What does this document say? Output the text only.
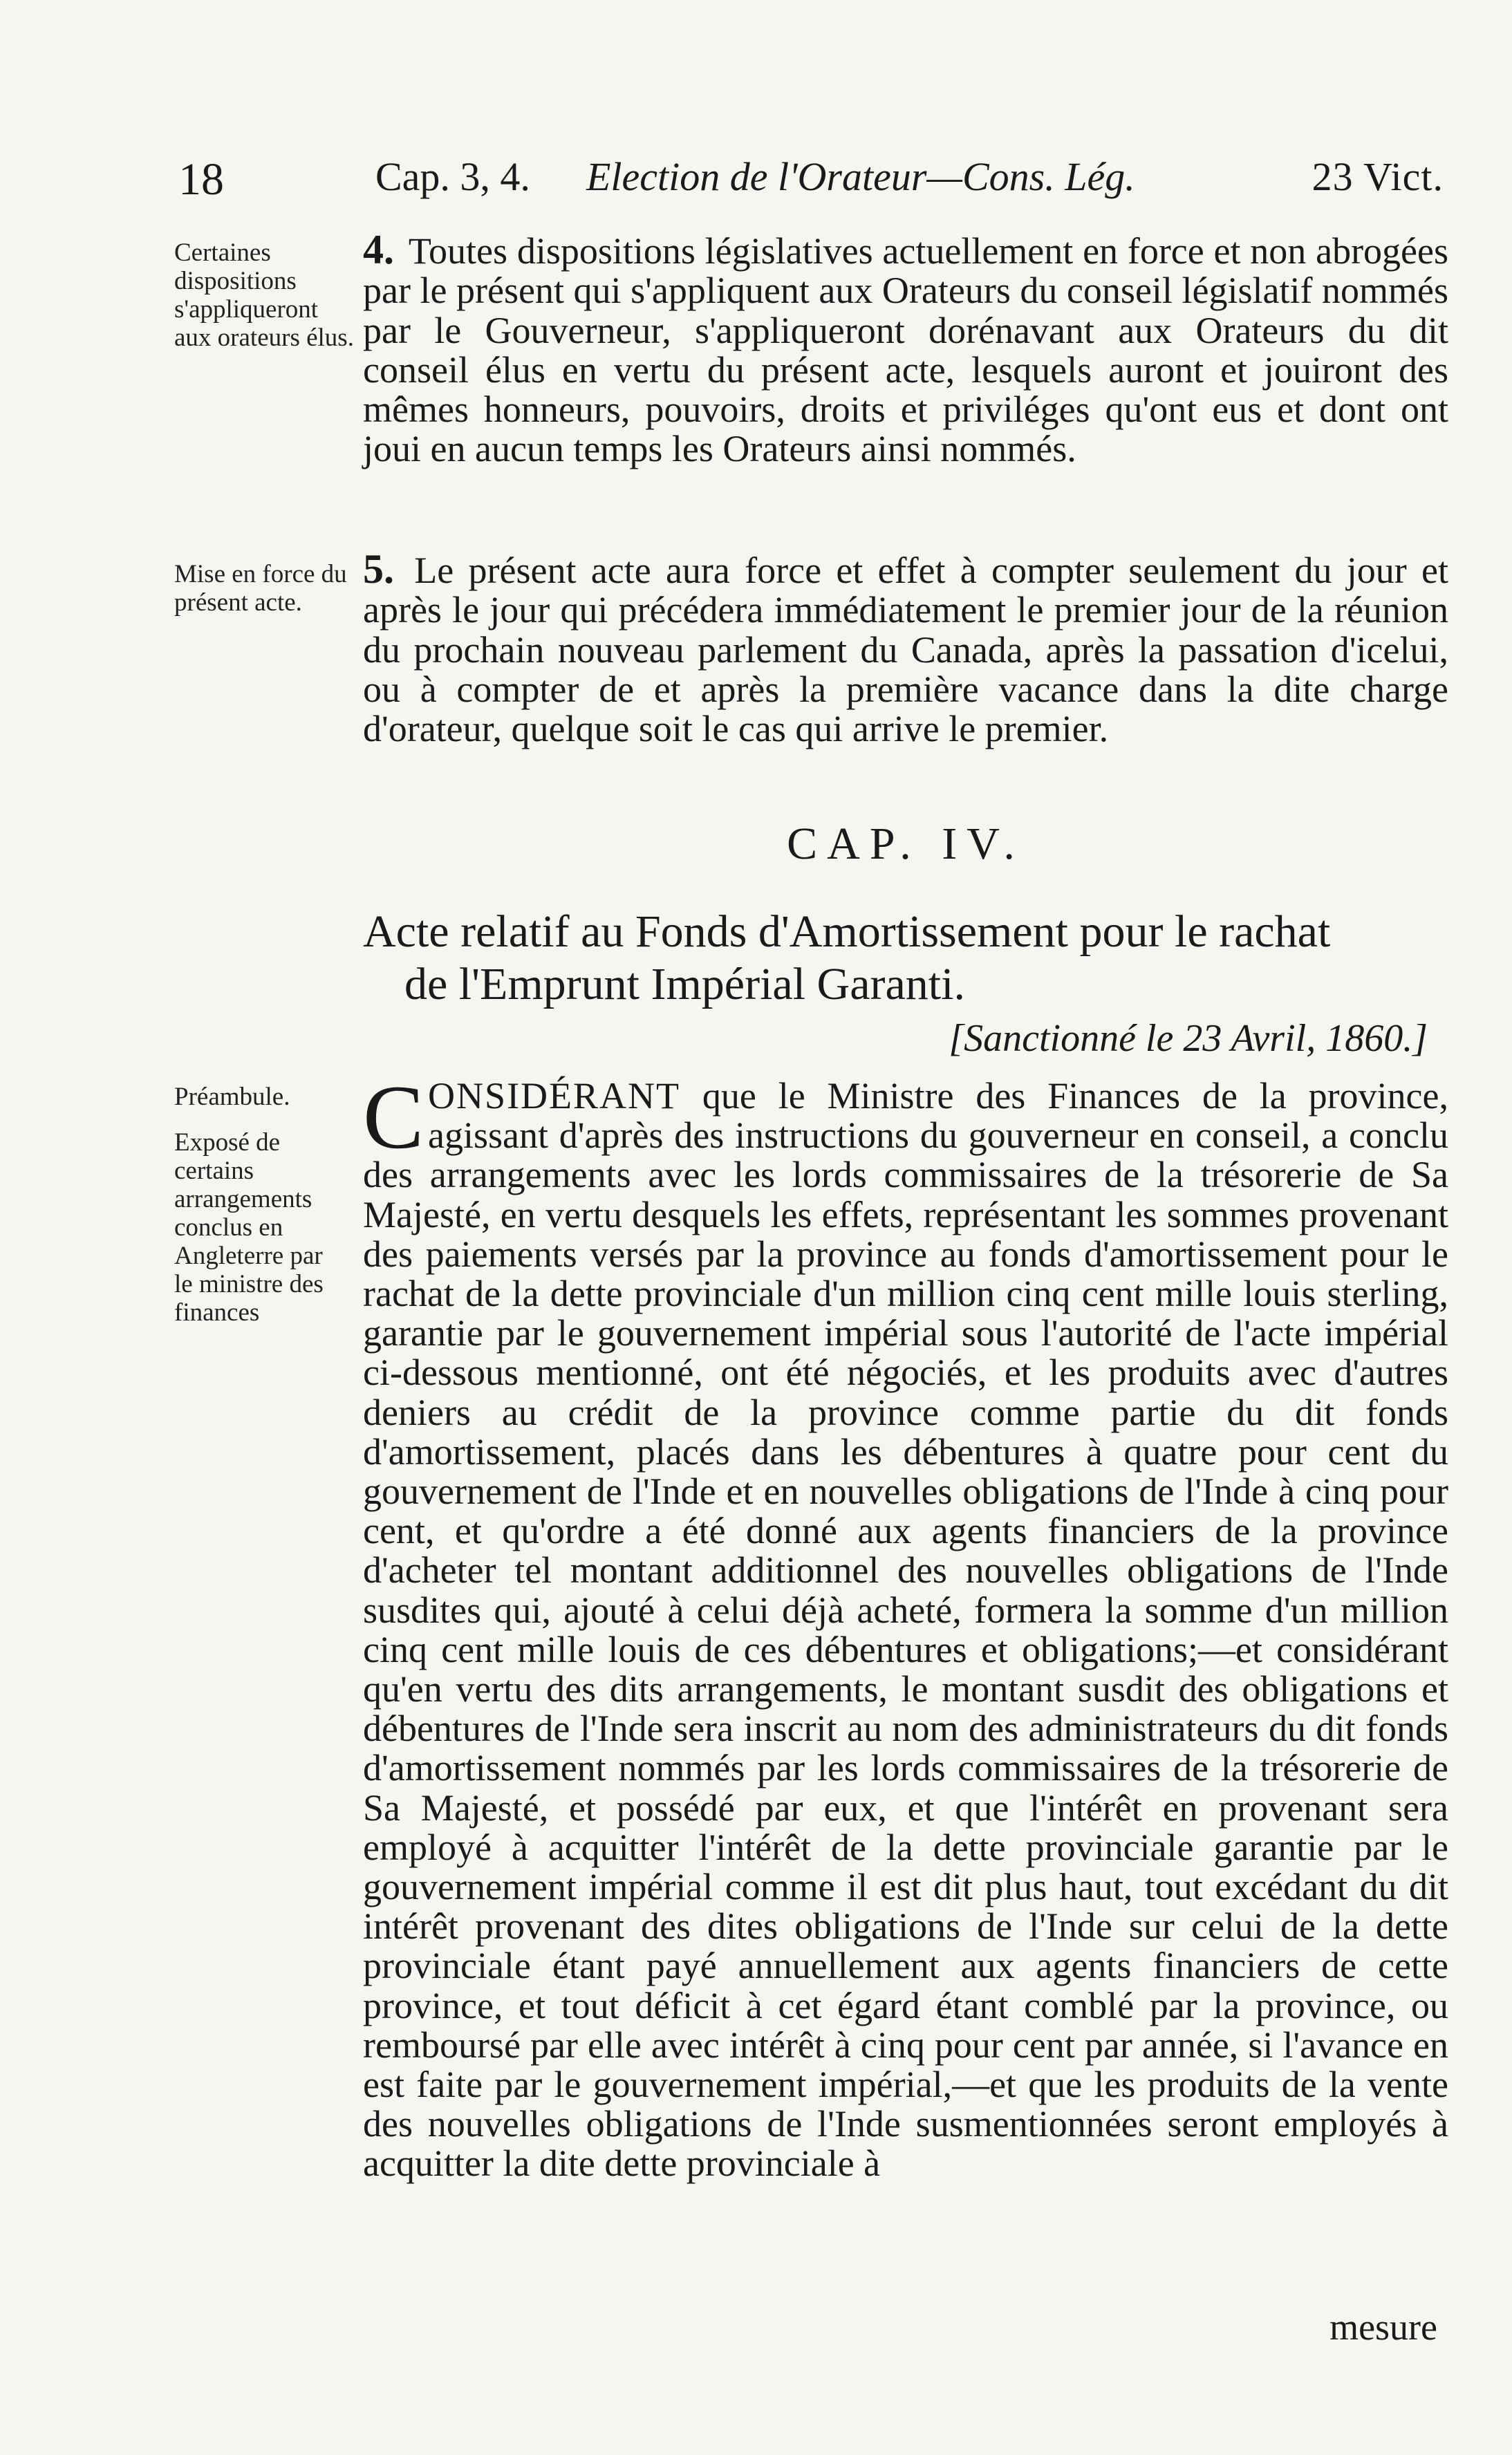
18	Cap. 3, 4. Election de l'Orateur—Cons. Lég.	23 Vict.
Certaines dispositions s'appliqueront aux orateurs élus.
4. Toutes dispositions législatives actuellement en force et non abrogées par le présent qui s'appliquent aux Orateurs du conseil législatif nommés par le Gouverneur, s'appliqueront dorénavant aux Orateurs du dit conseil élus en vertu du présent acte, lesquels auront et jouiront des mêmes honneurs, pouvoirs, droits et priviléges qu'ont eus et dont ont joui en aucun temps les Orateurs ainsi nommés.
Mise en force du présent acte.
5. Le présent acte aura force et effet à compter seulement du jour et après le jour qui précédera immédiatement le premier jour de la réunion du prochain nouveau parlement du Canada, après la passation d'icelui, ou à compter de et après la première vacance dans la dite charge d'orateur, quelque soit le cas qui arrive le premier.
CAP. IV.
Acte relatif au Fonds d'Amortissement pour le rachat
de l'Emprunt Impérial Garanti.
[Sanctionné le 23 Avril, 1860.]
Préambule.
Exposé de certains arrangements conclus en Angleterre par le ministre des finances
CONSIDÉRANT que le Ministre des Finances de la province, agissant d'après des instructions du gouverneur en conseil, a conclu des arrangements avec les lords commissaires de la trésorerie de Sa Majesté, en vertu desquels les effets, représentant les sommes provenant des paiements versés par la province au fonds d'amortissement pour le rachat de la dette provinciale d'un million cinq cent mille louis sterling, garantie par le gouvernement impérial sous l'autorité de l'acte impérial ci-dessous mentionné, ont été négociés, et les produits avec d'autres deniers au crédit de la province comme partie du dit fonds d'amortissement, placés dans les débentures à quatre pour cent du gouvernement de l'Inde et en nouvelles obligations de l'Inde à cinq pour cent, et qu'ordre a été donné aux agents financiers de la province d'acheter tel montant additionnel des nouvelles obligations de l'Inde susdites qui, ajouté à celui déjà acheté, formera la somme d'un million cinq cent mille louis de ces débentures et obligations;—et considérant qu'en vertu des dits arrangements, le montant susdit des obligations et débentures de l'Inde sera inscrit au nom des administrateurs du dit fonds d'amortissement nommés par les lords commissaires de la trésorerie de Sa Majesté, et possédé par eux, et que l'intérêt en provenant sera employé à acquitter l'intérêt de la dette provinciale garantie par le gouvernement impérial comme il est dit plus haut, tout excédant du dit intérêt provenant des dites obligations de l'Inde sur celui de la dette provinciale étant payé annuellement aux agents financiers de cette province, et tout déficit à cet égard étant comblé par la province, ou remboursé par elle avec intérêt à cinq pour cent par année, si l'avance en est faite par le gouvernement impérial,—et que les produits de la vente des nouvelles obligations de l'Inde susmentionnées seront employés à acquitter la dite dette provinciale à
mesure
